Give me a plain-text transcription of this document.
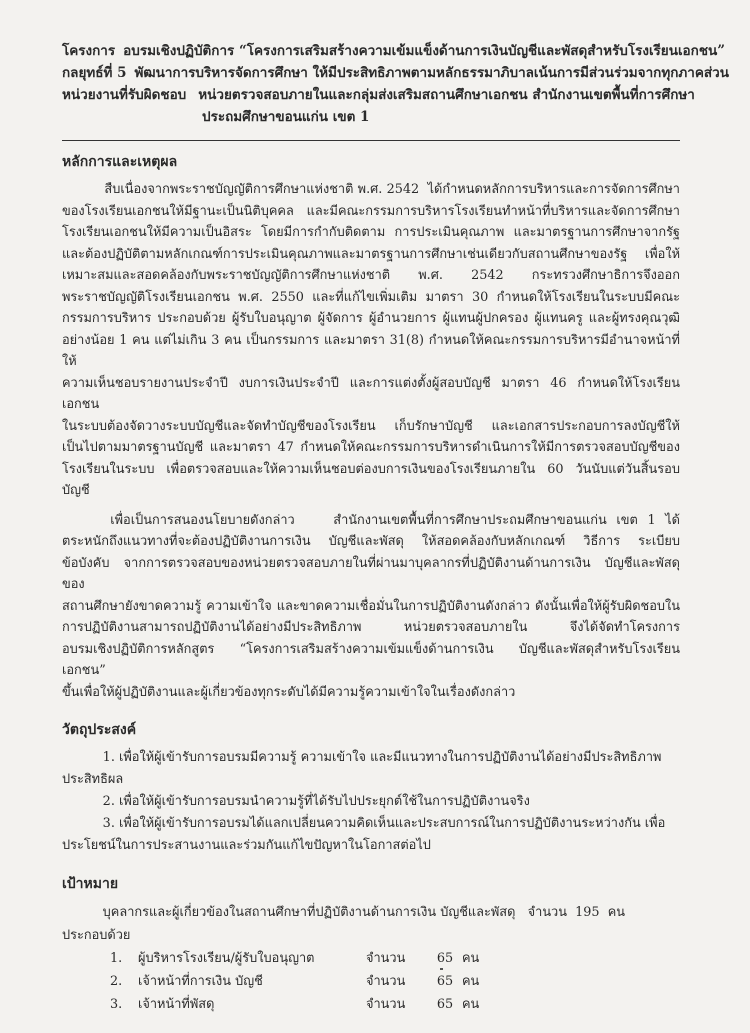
โครงการ อบรมเชิงปฏิบัติการ “โครงการเสริมสร้างความเข้มแข็งด้านการเงินบัญชีและพัสดุสำหรับโรงเรียนเอกชน”
กลยุทธ์ที่ 5 พัฒนาการบริหารจัดการศึกษา ให้มีประสิทธิภาพตามหลักธรรมาภิบาลเน้นการมีส่วนร่วมจากทุกภาคส่วน
หน่วยงานที่รับผิดชอบ หน่วยตรวจสอบภายในและกลุ่มส่งเสริมสถานศึกษาเอกชน สำนักงานเขตพื้นที่การศึกษา
ประถมศึกษาขอนแก่น เขต 1
หลักการและเหตุผล

สืบเนื่องจากพระราชบัญญัติการศึกษาแห่งชาติ พ.ศ. 2542  ได้กำหนดหลักการบริหารและการจัดการศึกษา
ของโรงเรียนเอกชนให้มีฐานะเป็นนิติบุคคล และมีคณะกรรมการบริหารโรงเรียนทำหน้าที่บริหารและจัดการศึกษา
โรงเรียนเอกชนให้มีความเป็นอิสระ โดยมีการกำกับติดตาม การประเมินคุณภาพ และมาตรฐานการศึกษาจากรัฐ
และต้องปฏิบัติตามหลักเกณฑ์การประเมินคุณภาพและมาตรฐานการศึกษาเช่นเดียวกับสถานศึกษาของรัฐ เพื่อให้
เหมาะสมและสอดคล้องกับพระราชบัญญัติการศึกษาแห่งชาติ พ.ศ. 2542 กระทรวงศึกษาธิการจึงออก
พระราชบัญญัติโรงเรียนเอกชน พ.ศ. 2550 และที่แก้ไขเพิ่มเติม มาตรา 30 กำหนดให้โรงเรียนในระบบมีคณะ
กรรมการบริหาร ประกอบด้วย ผู้รับใบอนุญาต ผู้จัดการ ผู้อำนวยการ ผู้แทนผู้ปกครอง ผู้แทนครู และผู้ทรงคุณวุฒิ
อย่างน้อย 1 คน แต่ไม่เกิน 3 คน เป็นกรรมการ และมาตรา 31(8) กำหนดให้คณะกรรมการบริหารมีอำนาจหน้าที่ให้
ความเห็นชอบรายงานประจำปี งบการเงินประจำปี และการแต่งตั้งผู้สอบบัญชี มาตรา 46 กำหนดให้โรงเรียนเอกชน
ในระบบต้องจัดวางระบบบัญชีและจัดทำบัญชีของโรงเรียน เก็บรักษาบัญชี และเอกสารประกอบการลงบัญชีให้
เป็นไปตามมาตรฐานบัญชี และมาตรา 47 กำหนดให้คณะกรรมการบริหารดำเนินการให้มีการตรวจสอบบัญชีของ
โรงเรียนในระบบ เพื่อตรวจสอบและให้ความเห็นชอบต่องบการเงินของโรงเรียนภายใน 60 วันนับแต่วันสิ้นรอบบัญชี

เพื่อเป็นการสนองนโยบายดังกล่าว        สำนักงานเขตพื้นที่การศึกษาประถมศึกษาขอนแก่น  เขต  1  ได้
ตระหนักถึงแนวทางที่จะต้องปฏิบัติงานการเงิน บัญชีและพัสดุ ให้สอดคล้องกับหลักเกณฑ์ วิธีการ ระเบียบ
ข้อบังคับ จากการตรวจสอบของหน่วยตรวจสอบภายในที่ผ่านมาบุคลากรที่ปฏิบัติงานด้านการเงิน บัญชีและพัสดุของ
สถานศึกษายังขาดความรู้ ความเข้าใจ และขาดความเชื่อมั่นในการปฏิบัติงานดังกล่าว ดังนั้นเพื่อให้ผู้รับผิดชอบใน
การปฏิบัติงานสามารถปฏิบัติงานได้อย่างมีประสิทธิภาพ หน่วยตรวจสอบภายใน จึงได้จัดทำโครงการ
อบรมเชิงปฏิบัติการหลักสูตร “โครงการเสริมสร้างความเข้มแข็งด้านการเงิน บัญชีและพัสดุสำหรับโรงเรียนเอกชน”
ขึ้นเพื่อให้ผู้ปฏิบัติงานและผู้เกี่ยวข้องทุกระดับได้มีความรู้ความเข้าใจในเรื่องดังกล่าว

วัตถุประสงค์
1. เพื่อให้ผู้เข้ารับการอบรมมีความรู้ ความเข้าใจ และมีแนวทางในการปฏิบัติงานได้อย่างมีประสิทธิภาพ
ประสิทธิผล
2. เพื่อให้ผู้เข้ารับการอบรมนำความรู้ที่ได้รับไปประยุกต์ใช้ในการปฏิบัติงานจริง
3. เพื่อให้ผู้เข้ารับการอบรมได้แลกเปลี่ยนความคิดเห็นและประสบการณ์ในการปฏิบัติงานระหว่างกัน เพื่อ
ประโยชน์ในการประสานงานและร่วมกันแก้ไขปัญหาในโอกาสต่อไป
เป้าหมาย
บุคลากรและผู้เกี่ยวข้องในสถานศึกษาที่ปฏิบัติงานด้านการเงิน บัญชีและพัสดุ   จำนวน  195  คน
ประกอบด้วย
1.	ผู้บริหารโรงเรียน/ผู้รับใบอนุญาต	จำนวน	65 คน
2.	เจ้าหน้าที่การเงิน บัญชี	จำนวน	65 คน
3.	เจ้าหน้าที่พัสดุ	จำนวน	65 คน
